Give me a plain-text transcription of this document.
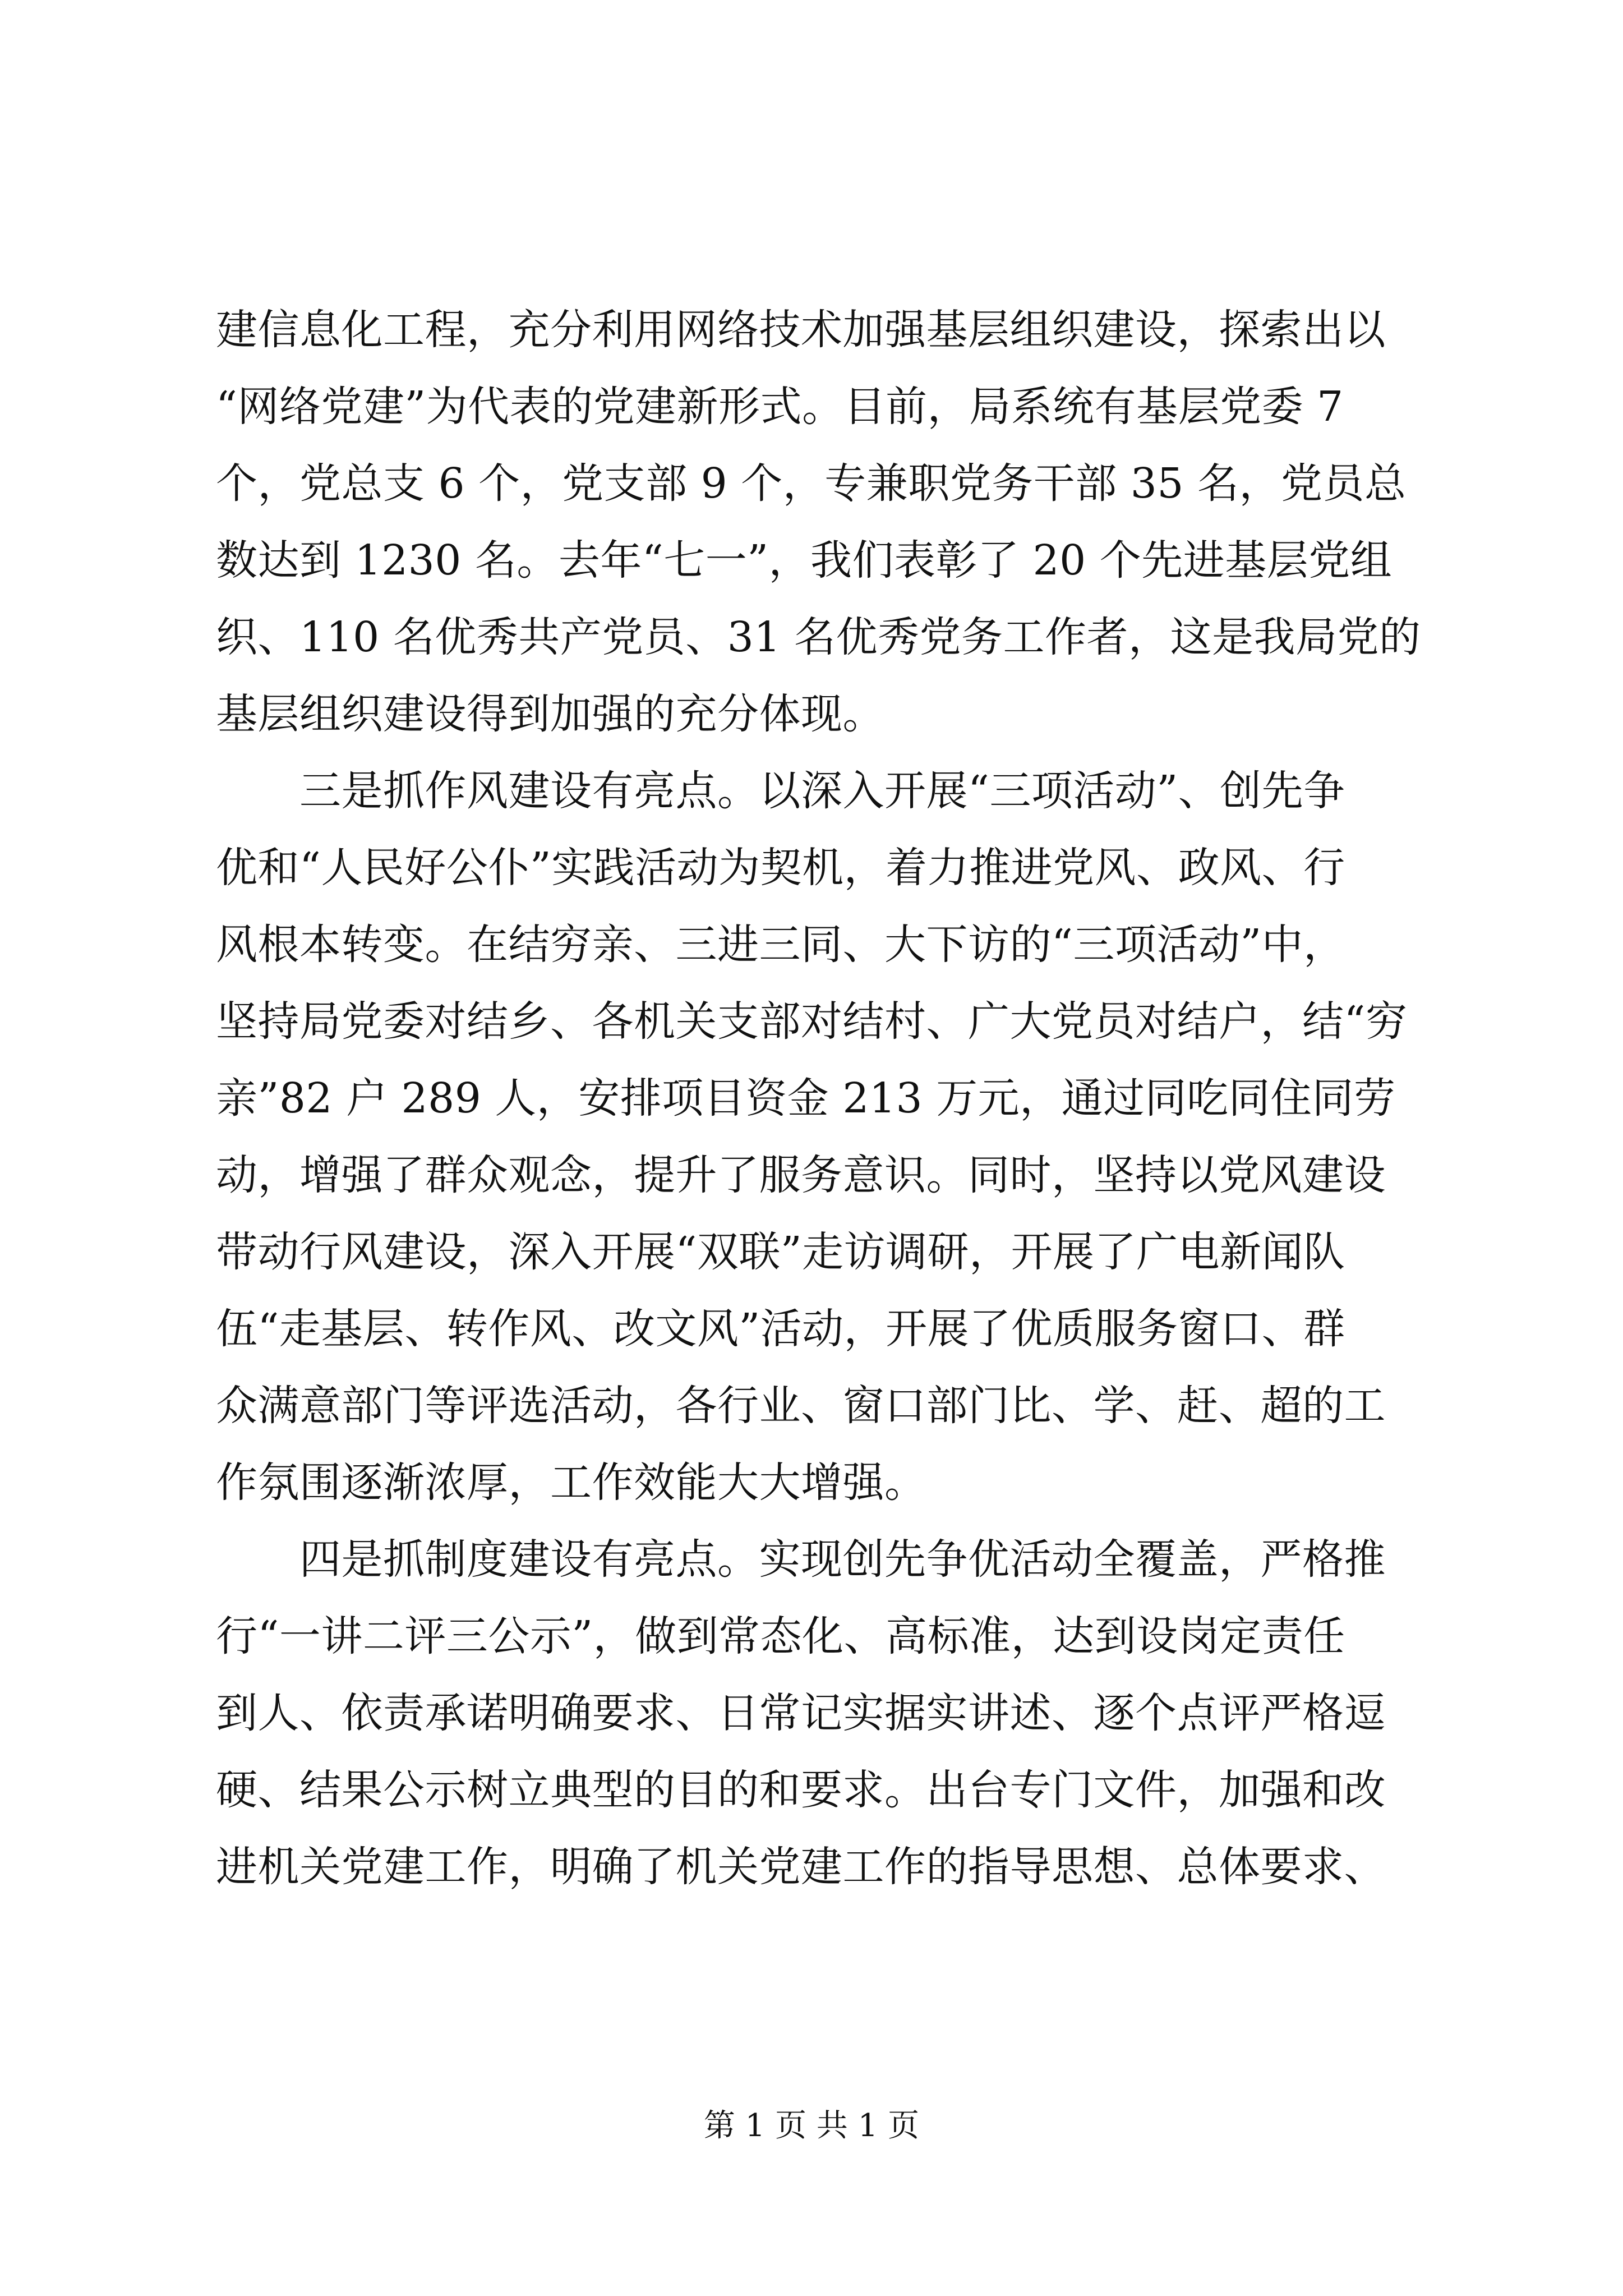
建信息化工程，充分利用网络技术加强基层组织建设，探索出以
“网络党建”为代表的党建新形式。目前，局系统有基层党委 7
个，党总支 6 个，党支部 9 个，专兼职党务干部 35 名，党员总
数达到 1230 名。去年“七一”，我们表彰了 20 个先进基层党组
织、110 名优秀共产党员、31 名优秀党务工作者，这是我局党的
基层组织建设得到加强的充分体现。
　　三是抓作风建设有亮点。以深入开展“三项活动”、创先争
优和“人民好公仆”实践活动为契机，着力推进党风、政风、行
风根本转变。在结穷亲、三进三同、大下访的“三项活动”中，
坚持局党委对结乡、各机关支部对结村、广大党员对结户，结“穷
亲”82 户 289 人，安排项目资金 213 万元，通过同吃同住同劳
动，增强了群众观念，提升了服务意识。同时，坚持以党风建设
带动行风建设，深入开展“双联”走访调研，开展了广电新闻队
伍“走基层、转作风、改文风”活动，开展了优质服务窗口、群
众满意部门等评选活动，各行业、窗口部门比、学、赶、超的工
作氛围逐渐浓厚，工作效能大大增强。
　　四是抓制度建设有亮点。实现创先争优活动全覆盖，严格推
行“一讲二评三公示”，做到常态化、高标准，达到设岗定责任
到人、依责承诺明确要求、日常记实据实讲述、逐个点评严格逗
硬、结果公示树立典型的目的和要求。出台专门文件，加强和改
进机关党建工作，明确了机关党建工作的指导思想、总体要求、
第 1 页 共 1 页
